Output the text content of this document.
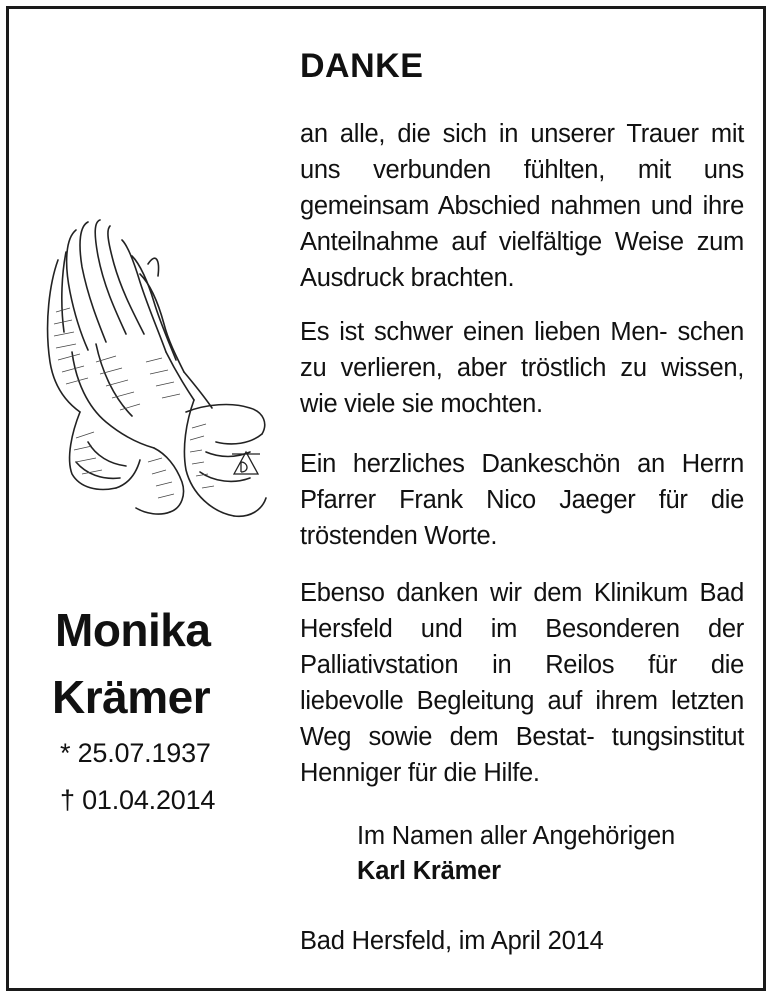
DANKE

an alle, die sich in unserer Trauer mit uns verbunden fühlten, mit uns gemeinsam Abschied nahmen und ihre Anteilnahme auf vielfältige Weise zum Ausdruck brachten.

Es ist schwer einen lieben Men- schen zu verlieren, aber tröstlich zu wissen, wie viele sie mochten.

Ein herzliches Dankeschön an Herrn Pfarrer Frank Nico Jaeger für die tröstenden Worte.

Ebenso danken wir dem Klinikum Bad Hersfeld und im Besonderen der Palliativstation in Reilos für die liebevolle Begleitung auf ihrem letzten Weg sowie dem Bestat- tungsinstitut Henniger für die Hilfe.

Im Namen aller Angehörigen
Karl Krämer
Bad Hersfeld, im April 2014
Monika
Krämer
* 25.07.1937
† 01.04.2014
